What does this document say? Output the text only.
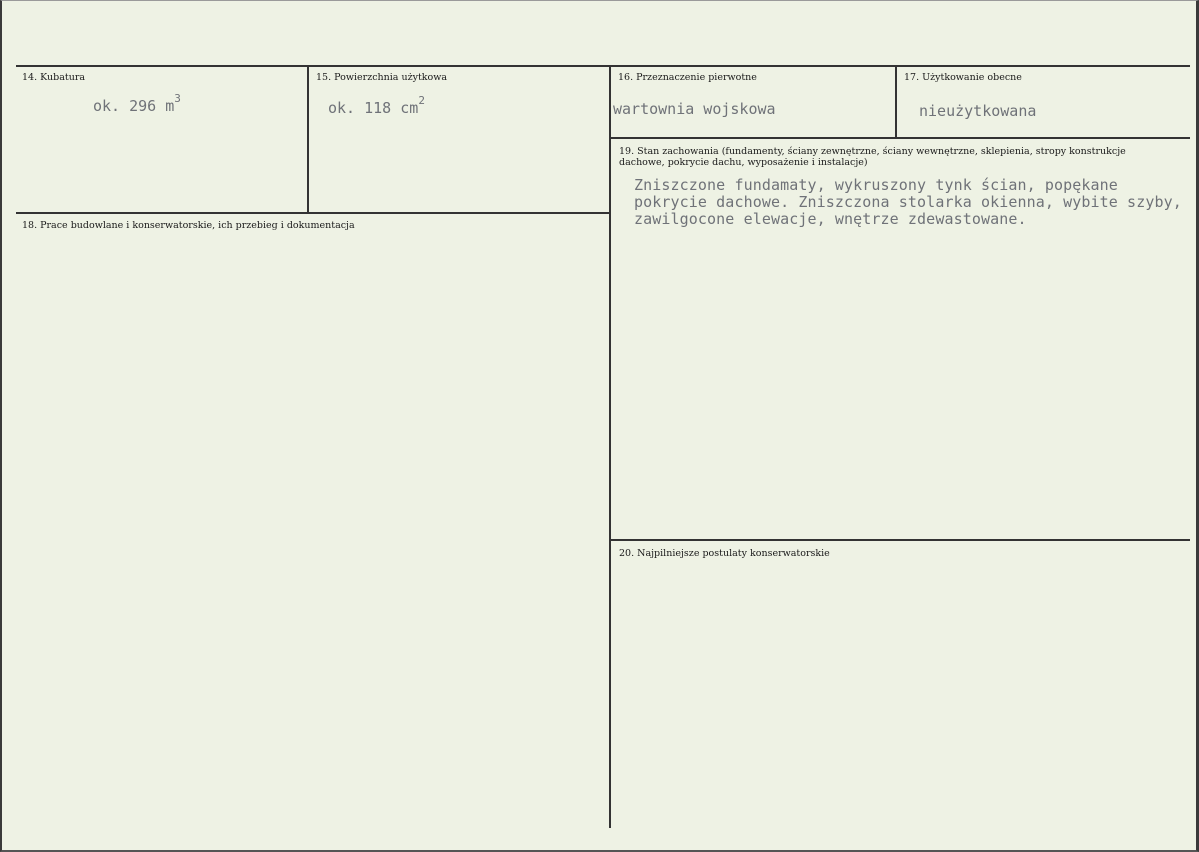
14. Kubatura
ok. 296 $m^3$
15. Powierzchnia użytkowa
ok. 118 $cm^2$
16. Przeznaczenie pierwotne
wartownia wojskowa
17. Użytkowanie obecne
nieużytkowana
18. Prace budowlane i konserwatorskie, ich przebieg i dokumentacja
19. Stan zachowania (fundamenty, ściany zewnętrzne, ściany wewnętrzne, sklepienia, stropy konstrukcje dachowe, pokrycie dachu, wyposażenie i instalacje)
Zniszczone fundamaty, wykruszony tynk ścian, popękane pokrycie dachowe. Zniszczona stolarka okienna, wybite szyby, zawilgocone elewacje, wnętrze zdewastowane.
20. Najpilniejsze postulaty konserwatorskie
